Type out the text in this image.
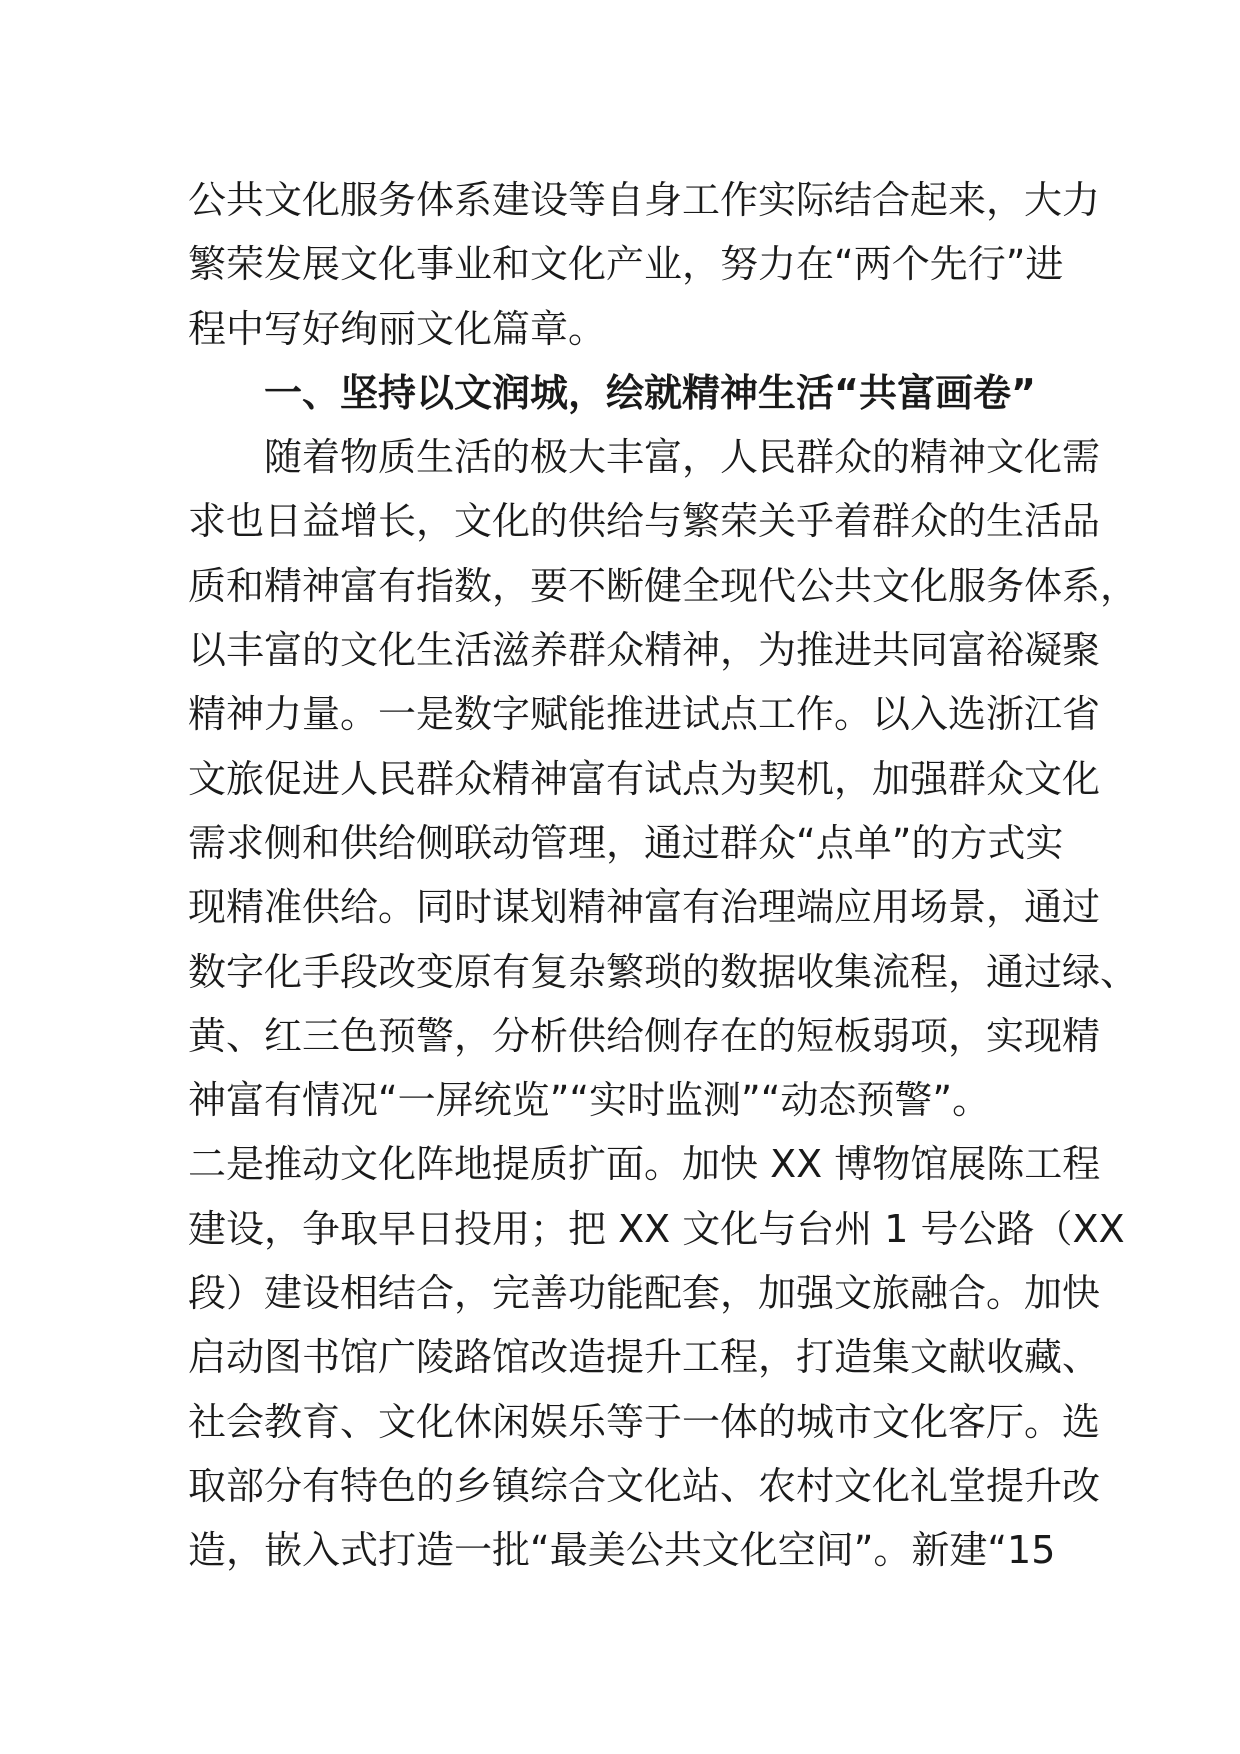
公共文化服务体系建设等自身工作实际结合起来，大力
繁荣发展文化事业和文化产业，努力在“两个先行”进
程中写好绚丽文化篇章。
一、坚持以文润城，绘就精神生活“共富画卷”
随着物质生活的极大丰富，人民群众的精神文化需
求也日益增长，文化的供给与繁荣关乎着群众的生活品
质和精神富有指数，要不断健全现代公共文化服务体系，
以丰富的文化生活滋养群众精神，为推进共同富裕凝聚
精神力量。一是数字赋能推进试点工作。以入选浙江省
文旅促进人民群众精神富有试点为契机，加强群众文化
需求侧和供给侧联动管理，通过群众“点单”的方式实
现精准供给。同时谋划精神富有治理端应用场景，通过
数字化手段改变原有复杂繁琐的数据收集流程，通过绿、
黄、红三色预警，分析供给侧存在的短板弱项，实现精
神富有情况“一屏统览”“实时监测”“动态预警”。
二是推动文化阵地提质扩面。加快 XX 博物馆展陈工程
建设，争取早日投用；把 XX 文化与台州 1 号公路（XX
段）建设相结合，完善功能配套，加强文旅融合。加快
启动图书馆广陵路馆改造提升工程，打造集文献收藏、
社会教育、文化休闲娱乐等于一体的城市文化客厅。选
取部分有特色的乡镇综合文化站、农村文化礼堂提升改
造，嵌入式打造一批“最美公共文化空间”。新建“15
